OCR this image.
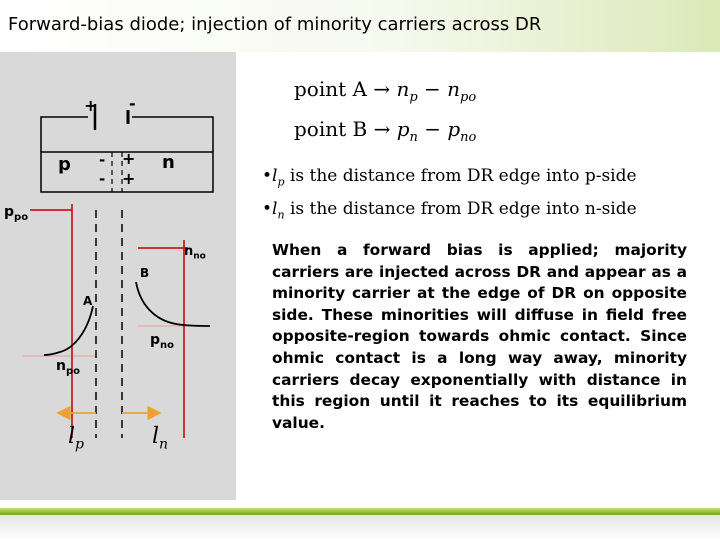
Forward-bias diode; injection of minority carriers across DR
+ -
p	n
-
-
+
+
$p_{po}$
$n_{no}$
B
A
$p_{no}$
$n_{po}$
$l_p$	$l_n$
point $A \to n_p - n_{po}$
point $B \to p_n - p_{no}$
$•l_p$ is the distance from DR edge into p-side
$•l_n$ is the distance from DR edge into n-side

When a forward bias is applied; majority carriers are injected across DR and appear as a minority carrier at the edge of DR on opposite side. These minorities will diffuse in field free opposite-region towards ohmic contact. Since ohmic contact is a long way away, minority carriers decay exponentially with distance in this region until it reaches to its equilibrium value.
